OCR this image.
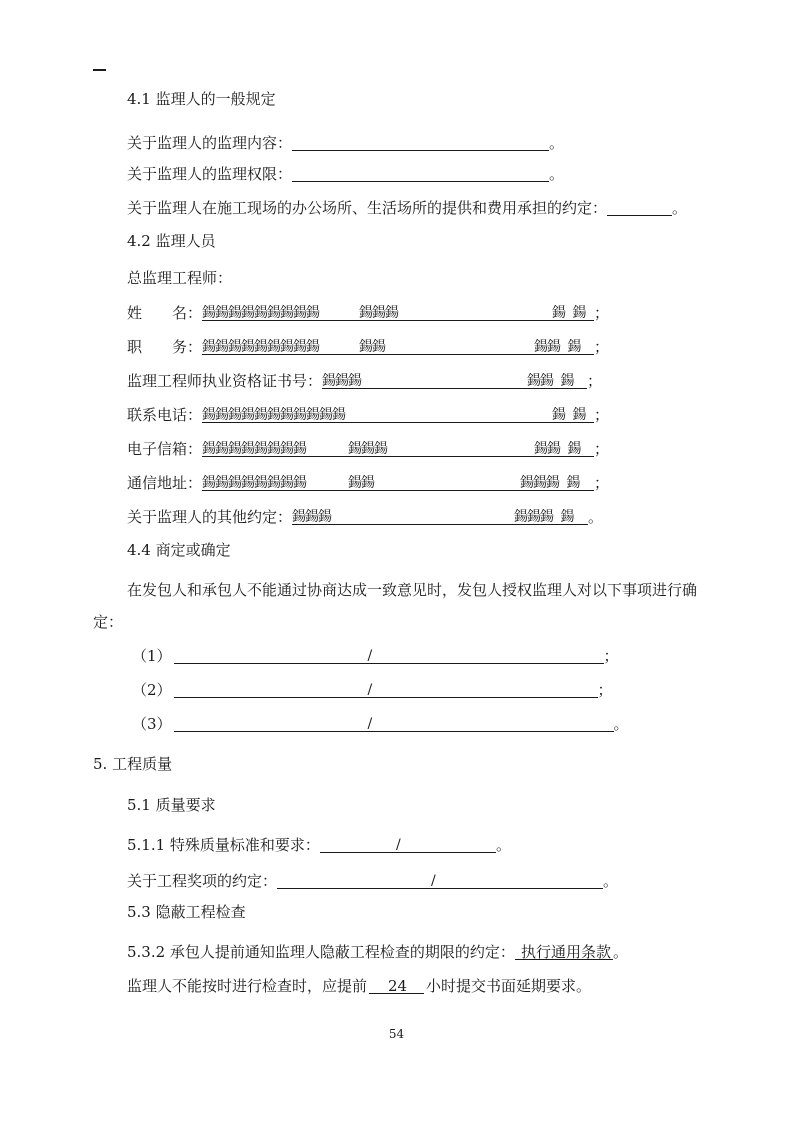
4.1 监理人的一般规定
关于监理人的监理内容：	。
关于监理人的监理权限：	。
关于监理人在施工现场的办公场所、生活场所的提供和费用承担的约定：	。
4.2 监理人员
总监理工程师：
姓　　名： 鍚鍚鍚鍚鍚鍚鍚鍚鍚	鍚鍚鍚	鍚 鍚 ；
职　　务： 鍚鍚鍚鍚鍚鍚鍚鍚鍚	鍚鍚	鍚鍚 鍚 ；
监理工程师执业资格证书号： 鍚鍚鍚	鍚鍚 鍚 ；
联系电话： 鍚鍚鍚鍚鍚鍚鍚鍚鍚鍚鍚	鍚 鍚 ；
电子信箱： 鍚鍚鍚鍚鍚鍚鍚鍚	鍚鍚鍚	鍚鍚 鍚 ；
通信地址： 鍚鍚鍚鍚鍚鍚鍚鍚	鍚鍚	鍚鍚鍚 鍚 ；
关于监理人的其他约定： 鍚鍚鍚	鍚鍚鍚 鍚 。
4.4 商定或确定
在发包人和承包人不能通过协商达成一致意见时，发包人授权监理人对以下事项进行确
定：
（1）	/	；
（2）	/	；
（3）	/	。
5. 工程质量
5.1 质量要求
5.1.1 特殊质量标准和要求：	/	。
关于工程奖项的约定：	/	。
5.3 隐蔽工程检查
5.3.2 承包人提前通知监理人隐蔽工程检查的期限的约定： 执行通用条款 。
监理人不能按时进行检查时，应提前 24 小时提交书面延期要求。
54
